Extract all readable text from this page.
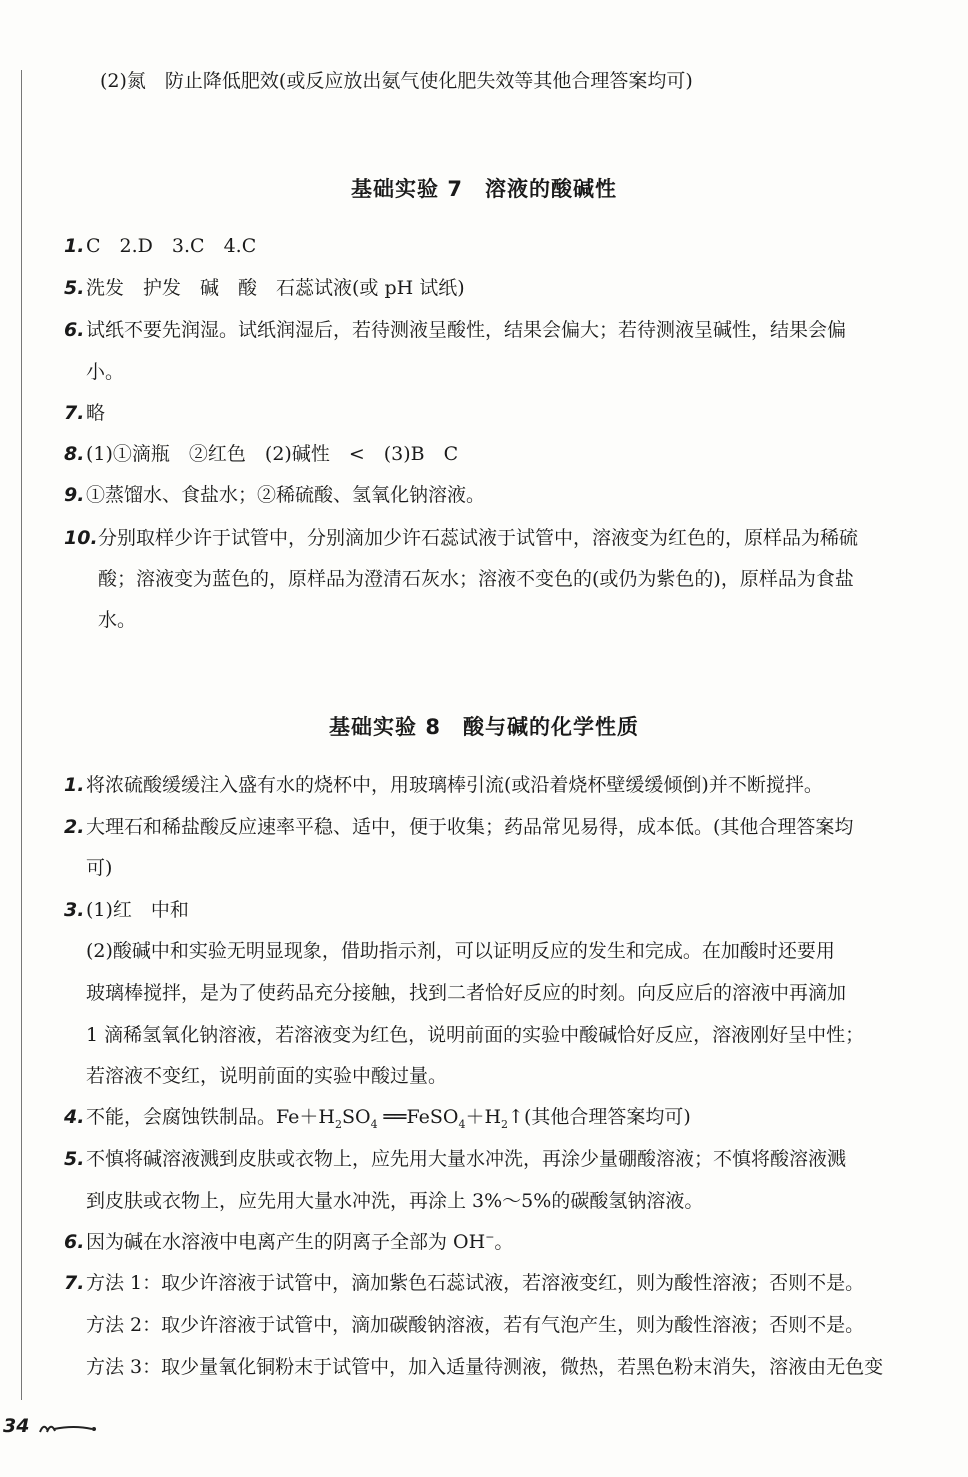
(2)氮　防止降低肥效(或反应放出氨气使化肥失效等其他合理答案均可)
基础实验 7　溶液的酸碱性
1. C　2.D　3.C　4.C
5. 洗发　护发　碱　酸　石蕊试液(或 pH 试纸)
6. 试纸不要先润湿。试纸润湿后，若待测液呈酸性，结果会偏大；若待测液呈碱性，结果会偏
小。
7. 略
8. (1)①滴瓶　②红色　(2)碱性　<　(3)B　C
9. ①蒸馏水、食盐水；②稀硫酸、氢氧化钠溶液。
10. 分别取样少许于试管中，分别滴加少许石蕊试液于试管中，溶液变为红色的，原样品为稀硫
酸；溶液变为蓝色的，原样品为澄清石灰水；溶液不变色的(或仍为紫色的)，原样品为食盐
水。
基础实验 8　酸与碱的化学性质
1. 将浓硫酸缓缓注入盛有水的烧杯中，用玻璃棒引流(或沿着烧杯壁缓缓倾倒)并不断搅拌。
2. 大理石和稀盐酸反应速率平稳、适中，便于收集；药品常见易得，成本低。(其他合理答案均
可)
3. (1)红　中和
(2)酸碱中和实验无明显现象，借助指示剂，可以证明反应的发生和完成。在加酸时还要用
玻璃棒搅拌，是为了使药品充分接触，找到二者恰好反应的时刻。向反应后的溶液中再滴加
1 滴稀氢氧化钠溶液，若溶液变为红色，说明前面的实验中酸碱恰好反应，溶液刚好呈中性；
若溶液不变红，说明前面的实验中酸过量。
4. 不能，会腐蚀铁制品。$Fe+H_2SO_4$ $══FeSO_4+H_2↑$(其他合理答案均可)
5. 不慎将碱溶液溅到皮肤或衣物上，应先用大量水冲洗，再涂少量硼酸溶液；不慎将酸溶液溅
到皮肤或衣物上，应先用大量水冲洗，再涂上 3%～5%的碳酸氢钠溶液。
6. 因为碱在水溶液中电离产生的阴离子全部为 OH−。
7. 方法 1：取少许溶液于试管中，滴加紫色石蕊试液，若溶液变红，则为酸性溶液；否则不是。
方法 2：取少许溶液于试管中，滴加碳酸钠溶液，若有气泡产生，则为酸性溶液；否则不是。
方法 3：取少量氧化铜粉末于试管中，加入适量待测液，微热，若黑色粉末消失，溶液由无色变
34
